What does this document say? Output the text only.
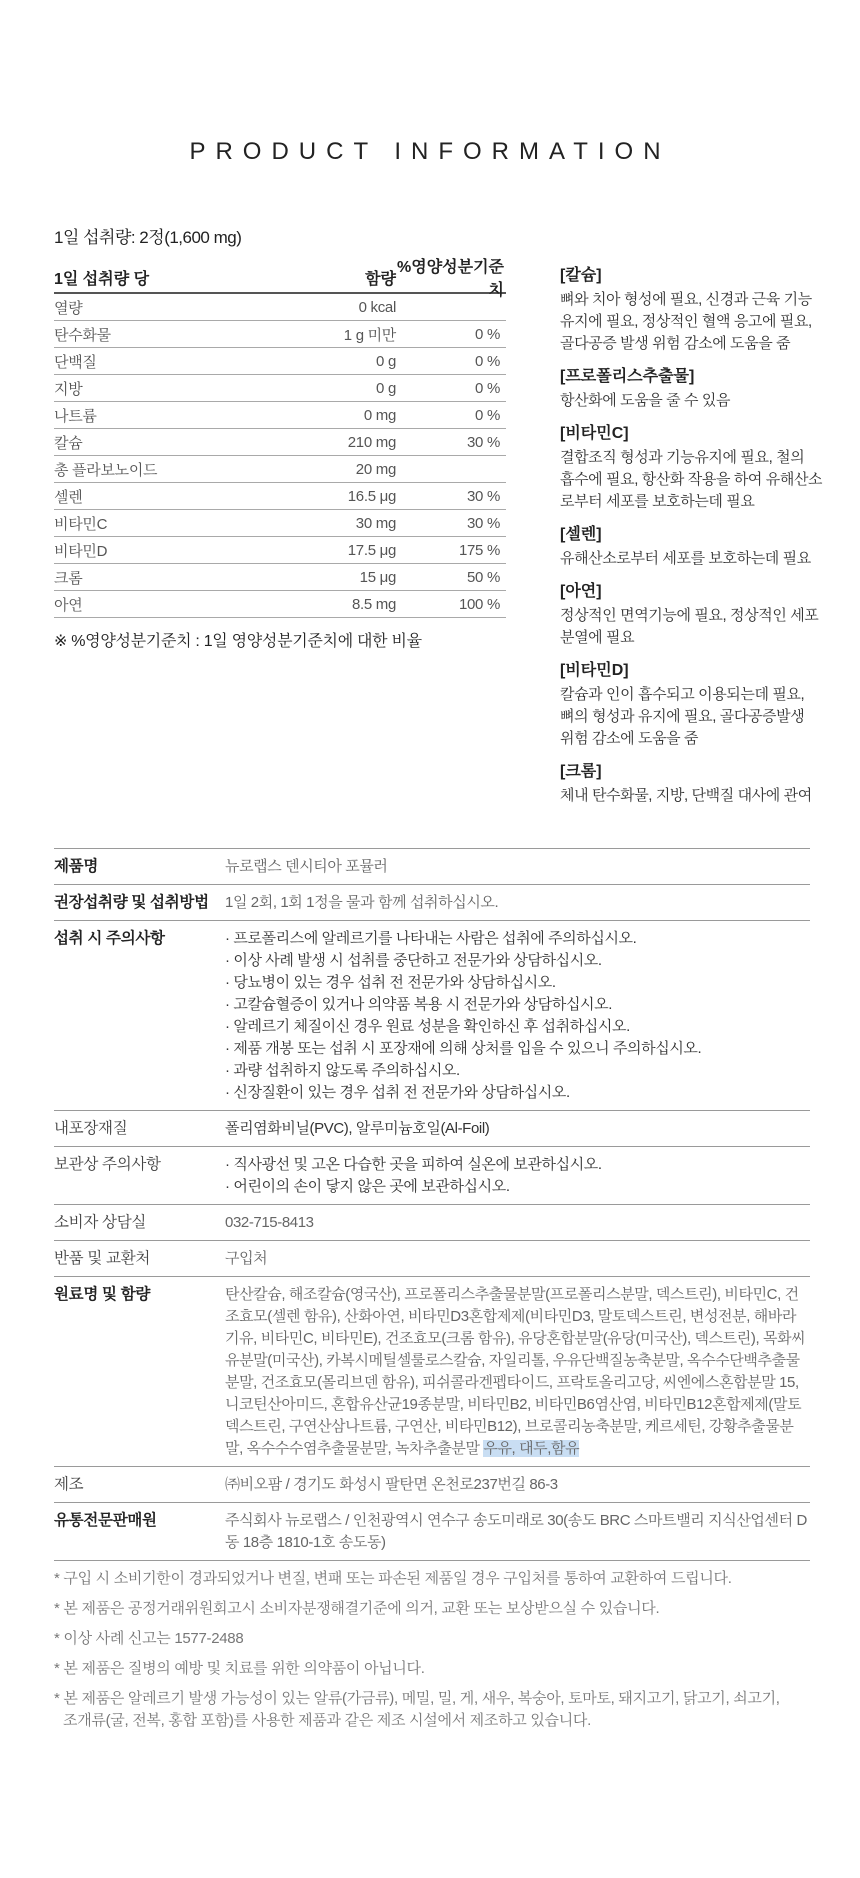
PRODUCT INFORMATION
1일 섭취량: 2정(1,600 mg)
1일 섭취량 당	함량
%영양성분기준치
열량	0 kcal
탄수화물	1 g 미만	0 %
단백질	0 g	0 %
지방	0 g	0 %
나트륨	0 mg	0 %
칼슘	210 mg	30 %
총 플라보노이드	20 mg
셀렌	16.5 μg	30 %
비타민C	30 mg	30 %
비타민D	17.5 μg	175 %
크롬	15 μg	50 %
아연	8.5 mg	100 %
※ %영양성분기준치 : 1일 영양성분기준치에 대한 비율
[칼슘]
뼈와 치아 형성에 필요, 신경과 근육 기능
유지에 필요, 정상적인 혈액 응고에 필요,
골다공증 발생 위험 감소에 도움을 줌
[프로폴리스추출물]
항산화에 도움을 줄 수 있음
[비타민C]
결합조직 형성과 기능유지에 필요, 철의
흡수에 필요, 항산화 작용을 하여 유해산소
로부터 세포를 보호하는데 필요
[셀렌]
유해산소로부터 세포를 보호하는데 필요
[아연]
정상적인 면역기능에 필요, 정상적인 세포
분열에 필요
[비타민D]
칼슘과 인이 흡수되고 이용되는데 필요,
뼈의 형성과 유지에 필요, 골다공증발생
위험 감소에 도움을 줌
[크롬]
체내 탄수화물, 지방, 단백질 대사에 관여
제품명	뉴로랩스 덴시티아 포뮬러
권장섭취량 및 섭취방법	1일 2회, 1회 1정을 물과 함께 섭취하십시오.
섭취 시 주의사항	· 프로폴리스에 알레르기를 나타내는 사람은 섭취에 주의하십시오.
· 이상 사례 발생 시 섭취를 중단하고 전문가와 상담하십시오.
· 당뇨병이 있는 경우 섭취 전 전문가와 상담하십시오.
· 고칼슘혈증이 있거나 의약품 복용 시 전문가와 상담하십시오.
· 알레르기 체질이신 경우 원료 성분을 확인하신 후 섭취하십시오.
· 제품 개봉 또는 섭취 시 포장재에 의해 상처를 입을 수 있으니 주의하십시오.
· 과량 섭취하지 않도록 주의하십시오.
· 신장질환이 있는 경우 섭취 전 전문가와 상담하십시오.
내포장재질	폴리염화비닐(PVC), 알루미늄호일(Al-Foil)
보관상 주의사항	· 직사광선 및 고온 다습한 곳을 피하여 실온에 보관하십시오.
· 어린이의 손이 닿지 않은 곳에 보관하십시오.
소비자 상담실	032-715-8413
반품 및 교환처	구입처
원료명 및 함량	탄산칼슘, 해조칼슘(영국산), 프로폴리스추출물분말(프로폴리스분말, 덱스트린), 비타민C, 건조효모(셀렌 함유), 산화아연, 비타민D3혼합제제(비타민D3, 말토덱스트린, 변성전분, 해바라기유, 비타민C, 비타민E), 건조효모(크롬 함유), 유당혼합분말(유당(미국산), 덱스트린), 목화씨유분말(미국산), 카복시메틸셀룰로스칼슘, 자일리톨, 우유단백질농축분말, 옥수수단백추출물분말, 건조효모(몰리브덴 함유), 피쉬콜라겐펩타이드, 프락토올리고당, 씨엔에스혼합분말 15, 니코틴산아미드, 혼합유산균19종분말, 비타민B2, 비타민B6염산염, 비타민B12혼합제제(말토덱스트린, 구연산삼나트륨, 구연산, 비타민B12), 브로콜리농축분말, 케르세틴, 강황추출물분말, 옥수수수염추출물분말, 녹차추출분말 우유, 대두,함유
제조	㈜비오팜 / 경기도 화성시 팔탄면 온천로237번길 86-3
유통전문판매원	주식회사 뉴로랩스 / 인천광역시 연수구 송도미래로 30(송도 BRC 스마트밸리 지식산업센터 D동 18층 1810-1호 송도동)
* 구입 시 소비기한이 경과되었거나 변질, 변패 또는 파손된 제품일 경우 구입처를 통하여 교환하여 드립니다.
* 본 제품은 공정거래위원회고시 소비자분쟁해결기준에 의거, 교환 또는 보상받으실 수 있습니다.
* 이상 사례 신고는 1577-2488
* 본 제품은 질병의 예방 및 치료를 위한 의약품이 아닙니다.
* 본 제품은 알레르기 발생 가능성이 있는 알류(가금류), 메밀, 밀, 게, 새우, 복숭아, 토마토, 돼지고기, 닭고기, 쇠고기,
조개류(굴, 전복, 홍합 포함)를 사용한 제품과 같은 제조 시설에서 제조하고 있습니다.
